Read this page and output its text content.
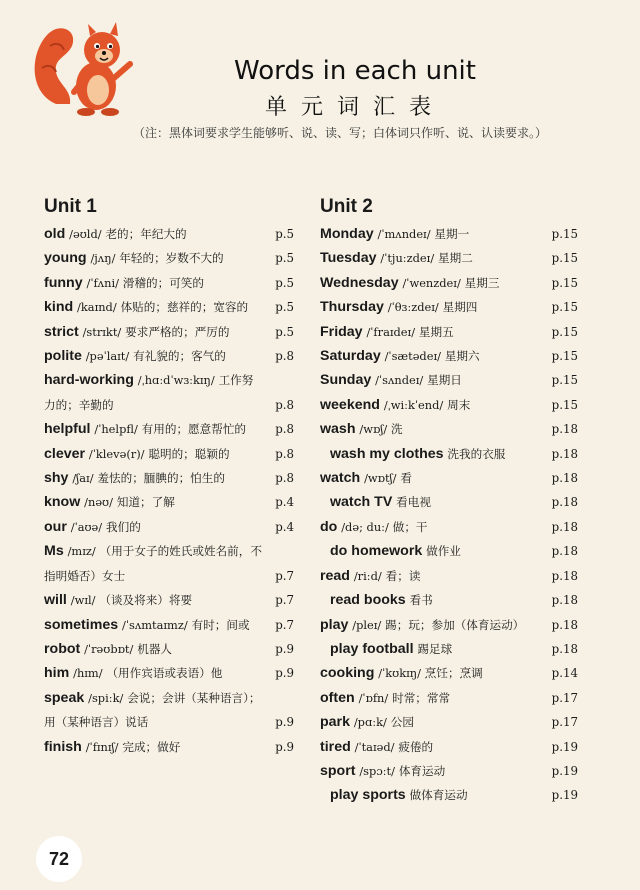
Words in each unit
单元词汇表
（注：黑体词要求学生能够听、说、读、写；白体词只作听、说、认读要求。）
Unit 1
old /əʊld/ 老的；年纪大的	p.5
young /jʌŋ/ 年轻的；岁数不大的	p.5
funny /ˈfʌni/ 滑稽的；可笑的	p.5
kind /kaɪnd/ 体贴的；慈祥的；宽容的 p.5
strict /strɪkt/ 要求严格的；严厉的	p.5
polite /pəˈlaɪt/ 有礼貌的；客气的	p.8
hard-working /ˌhɑːdˈwɜːkɪŋ/ 工作努力的；辛勤的	p.8
helpful /ˈhelpfl/ 有用的；愿意帮忙的 p.8
clever /ˈklevə(r)/ 聪明的；聪颖的	p.8
shy /ʃaɪ/ 羞怯的；腼腆的；怕生的	p.8
know /nəʊ/ 知道；了解	p.4
our /ˈaʊə/ 我们的	p.4
Ms /mɪz/ （用于女子的姓氏或姓名前，不指明婚否）女士	p.7
will /wɪl/ （谈及将来）将要	p.7
sometimes /ˈsʌmtaɪmz/ 有时；间或 p.7
robot /ˈrəʊbɒt/ 机器人	p.9
him /hɪm/ （用作宾语或表语）他	p.9
speak /spiːk/ 会说；会讲（某种语言）；用（某种语言）说话	p.9
finish /ˈfɪnɪʃ/ 完成；做好	p.9
Unit 2
Monday /ˈmʌndeɪ/ 星期一	p.15
Tuesday /ˈtjuːzdeɪ/ 星期二	p.15
Wednesday /ˈwenzdeɪ/ 星期三	p.15
Thursday /ˈθɜːzdeɪ/ 星期四	p.15
Friday /ˈfraɪdeɪ/ 星期五	p.15
Saturday /ˈsætədeɪ/ 星期六	p.15
Sunday /ˈsʌndeɪ/ 星期日	p.15
weekend /ˌwiːkˈend/ 周末	p.15
wash /wɒʃ/ 洗	p.18
wash my clothes 洗我的衣服	p.18
watch /wɒtʃ/ 看	p.18
watch TV 看电视	p.18
do /də; duː/ 做；干	p.18
do homework 做作业	p.18
read /riːd/ 看；读	p.18
read books 看书	p.18
play /pleɪ/ 踢；玩；参加（体育运动） p.18
play football 踢足球	p.18
cooking /ˈkʊkɪŋ/ 烹饪；烹调	p.14
often /ˈɒfn/ 时常；常常	p.17
park /pɑːk/ 公园	p.17
tired /ˈtaɪəd/ 疲倦的	p.19
sport /spɔːt/ 体育运动	p.19
play sports 做体育运动	p.19
72
